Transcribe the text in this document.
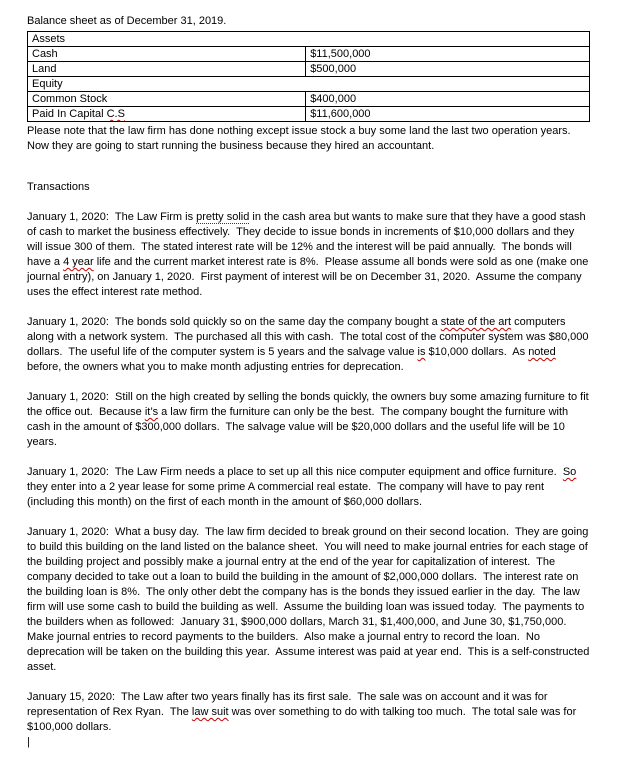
Balance sheet as of December 31, 2019.
Assets	
Cash	$11,500,000
Land	$500,000
Equity	
Common Stock	$400,000
Paid In Capital C.S	$11,600,000

Please note that the law firm has done nothing except issue stock a buy some land the last two operation years.  Now they are going to start running the business because they hired an accountant.

Transactions

January 1, 2020:  The Law Firm is pretty solid in the cash area but wants to make sure that they have a good stash of cash to market the business effectively.  They decide to issue bonds in increments of $10,000 dollars and they will issue 300 of them.  The stated interest rate will be 12% and the interest will be paid annually.  The bonds will have a 4 year life and the current market interest rate is 8%.  Please assume all bonds were sold as one (make one journal entry), on January 1, 2020.  First payment of interest will be on December 31, 2020.  Assume the company uses the effect interest rate method.

January 1, 2020:  The bonds sold quickly so on the same day the company bought a state of the art computers along with a network system.  The purchased all this with cash.  The total cost of the computer system was $80,000 dollars.  The useful life of the computer system is 5 years and the salvage value is $10,000 dollars.  As noted before, the owners what you to make month adjusting entries for deprecation.

January 1, 2020:  Still on the high created by selling the bonds quickly, the owners buy some amazing furniture to fit the office out.  Because it’s a law firm the furniture can only be the best.  The company bought the furniture with cash in the amount of $300,000 dollars.  The salvage value will be $20,000 dollars and the useful life will be 10 years.

January 1, 2020:  The Law Firm needs a place to set up all this nice computer equipment and office furniture.  So they enter into a 2 year lease for some prime A commercial real estate.  The company will have to pay rent (including this month) on the first of each month in the amount of $60,000 dollars.

January 1, 2020:  What a busy day.  The law firm decided to break ground on their second location.  They are going to build this building on the land listed on the balance sheet.  You will need to make journal entries for each stage of the building project and possibly make a journal entry at the end of the year for capitalization of interest.  The company decided to take out a loan to build the building in the amount of $2,000,000 dollars.  The interest rate on the building loan is 8%.  The only other debt the company has is the bonds they issued earlier in the day.  The law firm will use some cash to build the building as well.  Assume the building loan was issued today.  The payments to the builders when as followed:  January 31, $900,000 dollars, March 31, $1,400,000, and June 30, $1,750,000.  Make journal entries to record payments to the builders.  Also make a journal entry to record the loan.  No deprecation will be taken on the building this year.  Assume interest was paid at year end.  This is a self-constructed asset.

January 15, 2020:  The Law after two years finally has its first sale.  The sale was on account and it was for representation of Rex Ryan.  The law suit was over something to do with talking too much.  The total sale was for $100,000 dollars.

|
